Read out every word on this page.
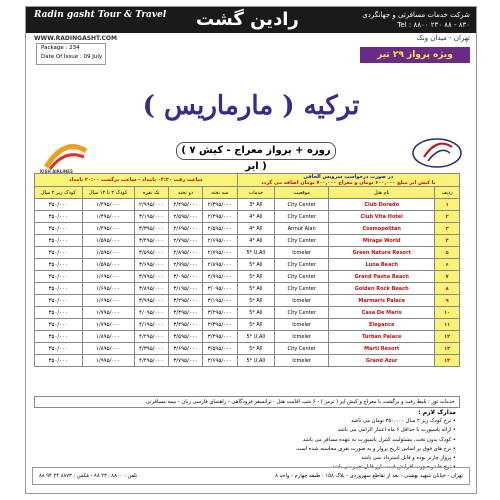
Radin gasht Tour & Travel رادین گشت	شرکت خدمات مسافرتی و جهانگردی
Tel : ۸۸۰۰ ۲۳۰ ۸۸ - ۸۳۰
WWW.RADINGASHT.COM	تهران - میدان ونک
Package : 234
Date Of Issue : 09 July	ویژه پرواز ۲۹ تیر
ترکیه ( مارماریس )
KISH AIRLINES
( ۷ روزه + پرواز معراج - کیش ایر )
ساعت رفت ۰۴:۳۰ بامداد - ساعت برگشت ۲۰:۰۰ بامداد					در صورت درخواست سرویس الحاقی
با کیش ایر مبلغ ۶۰۰,۰۰۰ تومان و معراج ۷۰۰,۰۰۰ تومان اضافه می گردد			

کودک زیر ۲ سال	کودک ۲ تا ۱۲ سال	تک نفره	دو تخته	سه تخته	خدمات	موقعیت	نام هتل	ردیف
۳۵۰/۰۰۰	۱/۴۹۵/۰۰۰	۲/۹۹۵/۰۰۰	۲/۴۹۵/۰۰۰	۲/۳۹۵/۰۰۰	3* All	City Center	Club Dorado	۱
۳۵۰/۰۰۰	۱/۴۹۵/۰۰۰	۳/۱۹۵/۰۰۰	۲/۵۹۵/۰۰۰	۲/۴۹۵/۰۰۰	4* All	City Center	Club Vita Hotel	۲
۳۵۰/۰۰۰	۱/۴۹۵/۰۰۰	۳/۳۹۵/۰۰۰	۲/۶۹۵/۰۰۰	۲/۵۹۵/۰۰۰	4* All	Armut Alan	Cosmopolitan	۳
۳۵۰/۰۰۰	۱/۵۹۵/۰۰۰	۳/۴۹۵/۰۰۰	۲/۷۹۵/۰۰۰	۲/۶۹۵/۰۰۰	4* All	City Center	Mirage World	۴
۳۵۰/۰۰۰	۱/۵۹۵/۰۰۰	۳/۵۹۵/۰۰۰	۲/۸۹۵/۰۰۰	۲/۷۹۵/۰۰۰	5* U.All	Icmeler	Green Nature Resort	۵
۳۵۰/۰۰۰	۱/۵۹۵/۰۰۰	۳/۶۹۵/۰۰۰	۲/۹۹۵/۰۰۰	۲/۸۹۵/۰۰۰	5* All	City Center	Luna Beach	۶
۳۵۰/۰۰۰	۱/۶۹۵/۰۰۰	۳/۷۹۵/۰۰۰	۳/۰۹۵/۰۰۰	۲/۹۹۵/۰۰۰	5* All	City Center	Grand Pasha Beach	۷
۳۵۰/۰۰۰	۱/۶۹۵/۰۰۰	۳/۸۹۵/۰۰۰	۳/۱۹۵/۰۰۰	۳/۰۹۵/۰۰۰	5* All	City Center	Golden Rock Beach	۸
۳۵۰/۰۰۰	۱/۶۹۵/۰۰۰	۳/۹۹۵/۰۰۰	۳/۲۹۵/۰۰۰	۳/۱۹۵/۰۰۰	5* All	Icmeler	Marmaris Palace	۹
۳۵۰/۰۰۰	۱/۷۹۵/۰۰۰	۴/۰۹۵/۰۰۰	۳/۳۹۵/۰۰۰	۳/۲۹۵/۰۰۰	5* All	City Center	Casa De Maris	۱۰
۳۵۰/۰۰۰	۱/۷۹۵/۰۰۰	۴/۱۹۵/۰۰۰	۳/۴۹۵/۰۰۰	۳/۳۹۵/۰۰۰	5* All	Icmeler	Elegance	۱۱
۳۵۰/۰۰۰	۱/۸۹۵/۰۰۰	۴/۲۹۵/۰۰۰	۳/۵۹۵/۰۰۰	۳/۴۹۵/۰۰۰	5* U.All	Icmeler	Turban Palace	۱۲
۳۵۰/۰۰۰	۱/۸۹۵/۰۰۰	۴/۳۹۵/۰۰۰	۳/۶۹۵/۰۰۰	۳/۵۹۵/۰۰۰	5* All	City Center	Marti Resort	۱۳
۳۵۰/۰۰۰	۱/۹۹۵/۰۰۰	۴/۴۹۵/۰۰۰	۳/۷۹۵/۰۰۰	۳/۶۹۵/۰۰۰	5* U.All	Icmeler	Grand Azur	۱۴
خدمات تور : بلیط رفت و برگشت با معراج و کیش ایر ( ترمز ) - ۶ شب اقامت هتل - ترانسفر فرودگاهی - راهنمای فارسی زبان - بیمه مسافرتی
مدارک لازم :
• نرخ کودک زیر ۲ سال ۳۵۰,۰۰۰ تومان می باشد
• ارائه پاسپورت با حداقل ۶ ماه اعتبار الزامی می باشد
• کودک بدون تخت، مسئولیت کنترل پاسپورت به عهده مسافر می باشد
• نرخ های فوق بر اساس تاریخ پرواز و به صورت نفری محاسبه شده است
• پرواز چارتر بوده و قابل استرداد نمی باشد
• نرخ ها در صورت افزایش قیمت ارز قابل تغییر می باشد
تهران - خیابان شهید بهشتی - بعد از تقاطع سهروردی - پلاک ۱۵۸ - طبقه چهارم - واحد ۸
تلفن : ۸۸۰۰ ۲۳۰ ۸۸ - فکس : ۸۸۷۳ ۲۴ ۹۴ ۸۸
